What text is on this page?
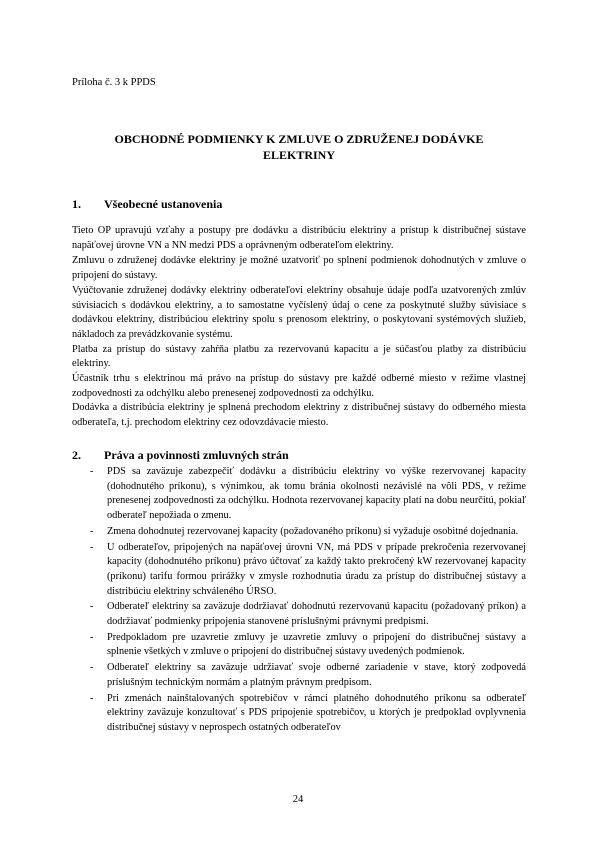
Príloha č. 3 k PPDS
OBCHODNÉ PODMIENKY K ZMLUVE O ZDRUŽENEJ DODÁVKE
ELEKTRINY
1. Všeobecné ustanovenia

Tieto OP upravujú vzťahy a postupy pre dodávku a distribúciu elektriny a prístup k distribučnej sústave napäťovej úrovne VN a NN medzi PDS a oprávneným odberateľom elektriny.

Zmluvu o združenej dodávke elektriny je možné uzatvoriť po splnení podmienok dohodnutých v zmluve o pripojení do sústavy.

Vyúčtovanie združenej dodávky elektriny odberateľovi elektriny obsahuje údaje podľa uzatvorených zmlúv súvisiacich s dodávkou elektriny, a to samostatne vyčíslený údaj o cene za poskytnuté služby súvisiace s dodávkou elektriny, distribúciou elektriny spolu s prenosom elektriny, o poskytovaní systémových služieb, nákladoch za prevádzkovanie systému.

Platba za prístup do sústavy zahŕňa platbu za rezervovanú kapacitu a je súčasťou platby za distribúciu elektriny.

Účastník trhu s elektrinou má právo na prístup do sústavy pre každé odberné miesto v režime vlastnej zodpovednosti za odchýlku alebo prenesenej zodpovednosti za odchýlku.

Dodávka a distribúcia elektriny je splnená prechodom elektriny z distribučnej sústavy do odberného miesta odberateľa, t.j. prechodom elektriny cez odovzdávacie miesto.

2. Práva a povinnosti zmluvných strán
- PDS sa zaväzuje zabezpečiť dodávku a distribúciu elektriny vo výške rezervovanej kapacity (dohodnutého príkonu), s výnimkou, ak tomu bránia okolnosti nezávislé na vôli PDS, v režime prenesenej zodpovednosti za odchýlku. Hodnota rezervovanej kapacity platí na dobu neurčitú, pokiaľ odberateľ nepožiada o zmenu.
- Zmena dohodnutej rezervovanej kapacity (požadovaného príkonu) si vyžaduje osobitné dojednania.
- U odberateľov, pripojených na napäťovej úrovni VN, má PDS v prípade prekročenia rezervovanej kapacity (dohodnutého príkonu) právo účtovať za každý takto prekročený kW rezervovanej kapacity (príkonu) tarifu formou prirážky v zmysle rozhodnutia úradu za prístup do distribučnej sústavy a distribúciu elektriny schváleného ÚRSO.
- Odberateľ elektriny sa zaväzuje dodržiavať dohodnutú rezervovanú kapacitu (požadovaný príkon) a dodržiavať podmienky pripojenia stanovené príslušnými právnymi predpismi.
- Predpokladom pre uzavretie zmluvy je uzavretie zmluvy o pripojení do distribučnej sústavy a splnenie všetkých v zmluve o pripojení do distribučnej sústavy uvedených podmienok.
- Odberateľ elektriny sa zaväzuje udržiavať svoje odberné zariadenie v stave, ktorý zodpovedá príslušným technickým normám a platným právnym predpisom.
- Pri zmenách nainštalovaných spotrebičov v rámci platného dohodnutého príkonu sa odberateľ elektriny zaväzuje konzultovať s PDS pripojenie spotrebičov, u ktorých je predpoklad ovplyvnenia distribučnej sústavy v neprospech ostatných odberateľov
24
